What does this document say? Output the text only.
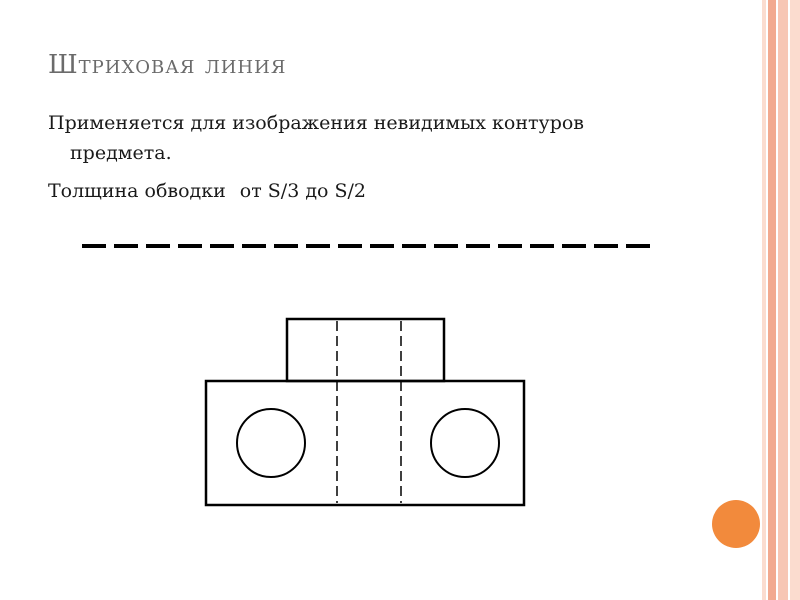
Штриховая линия

Применяется для изображения невидимых контуров предмета.

Толщина обводки от S/3 до S/2
